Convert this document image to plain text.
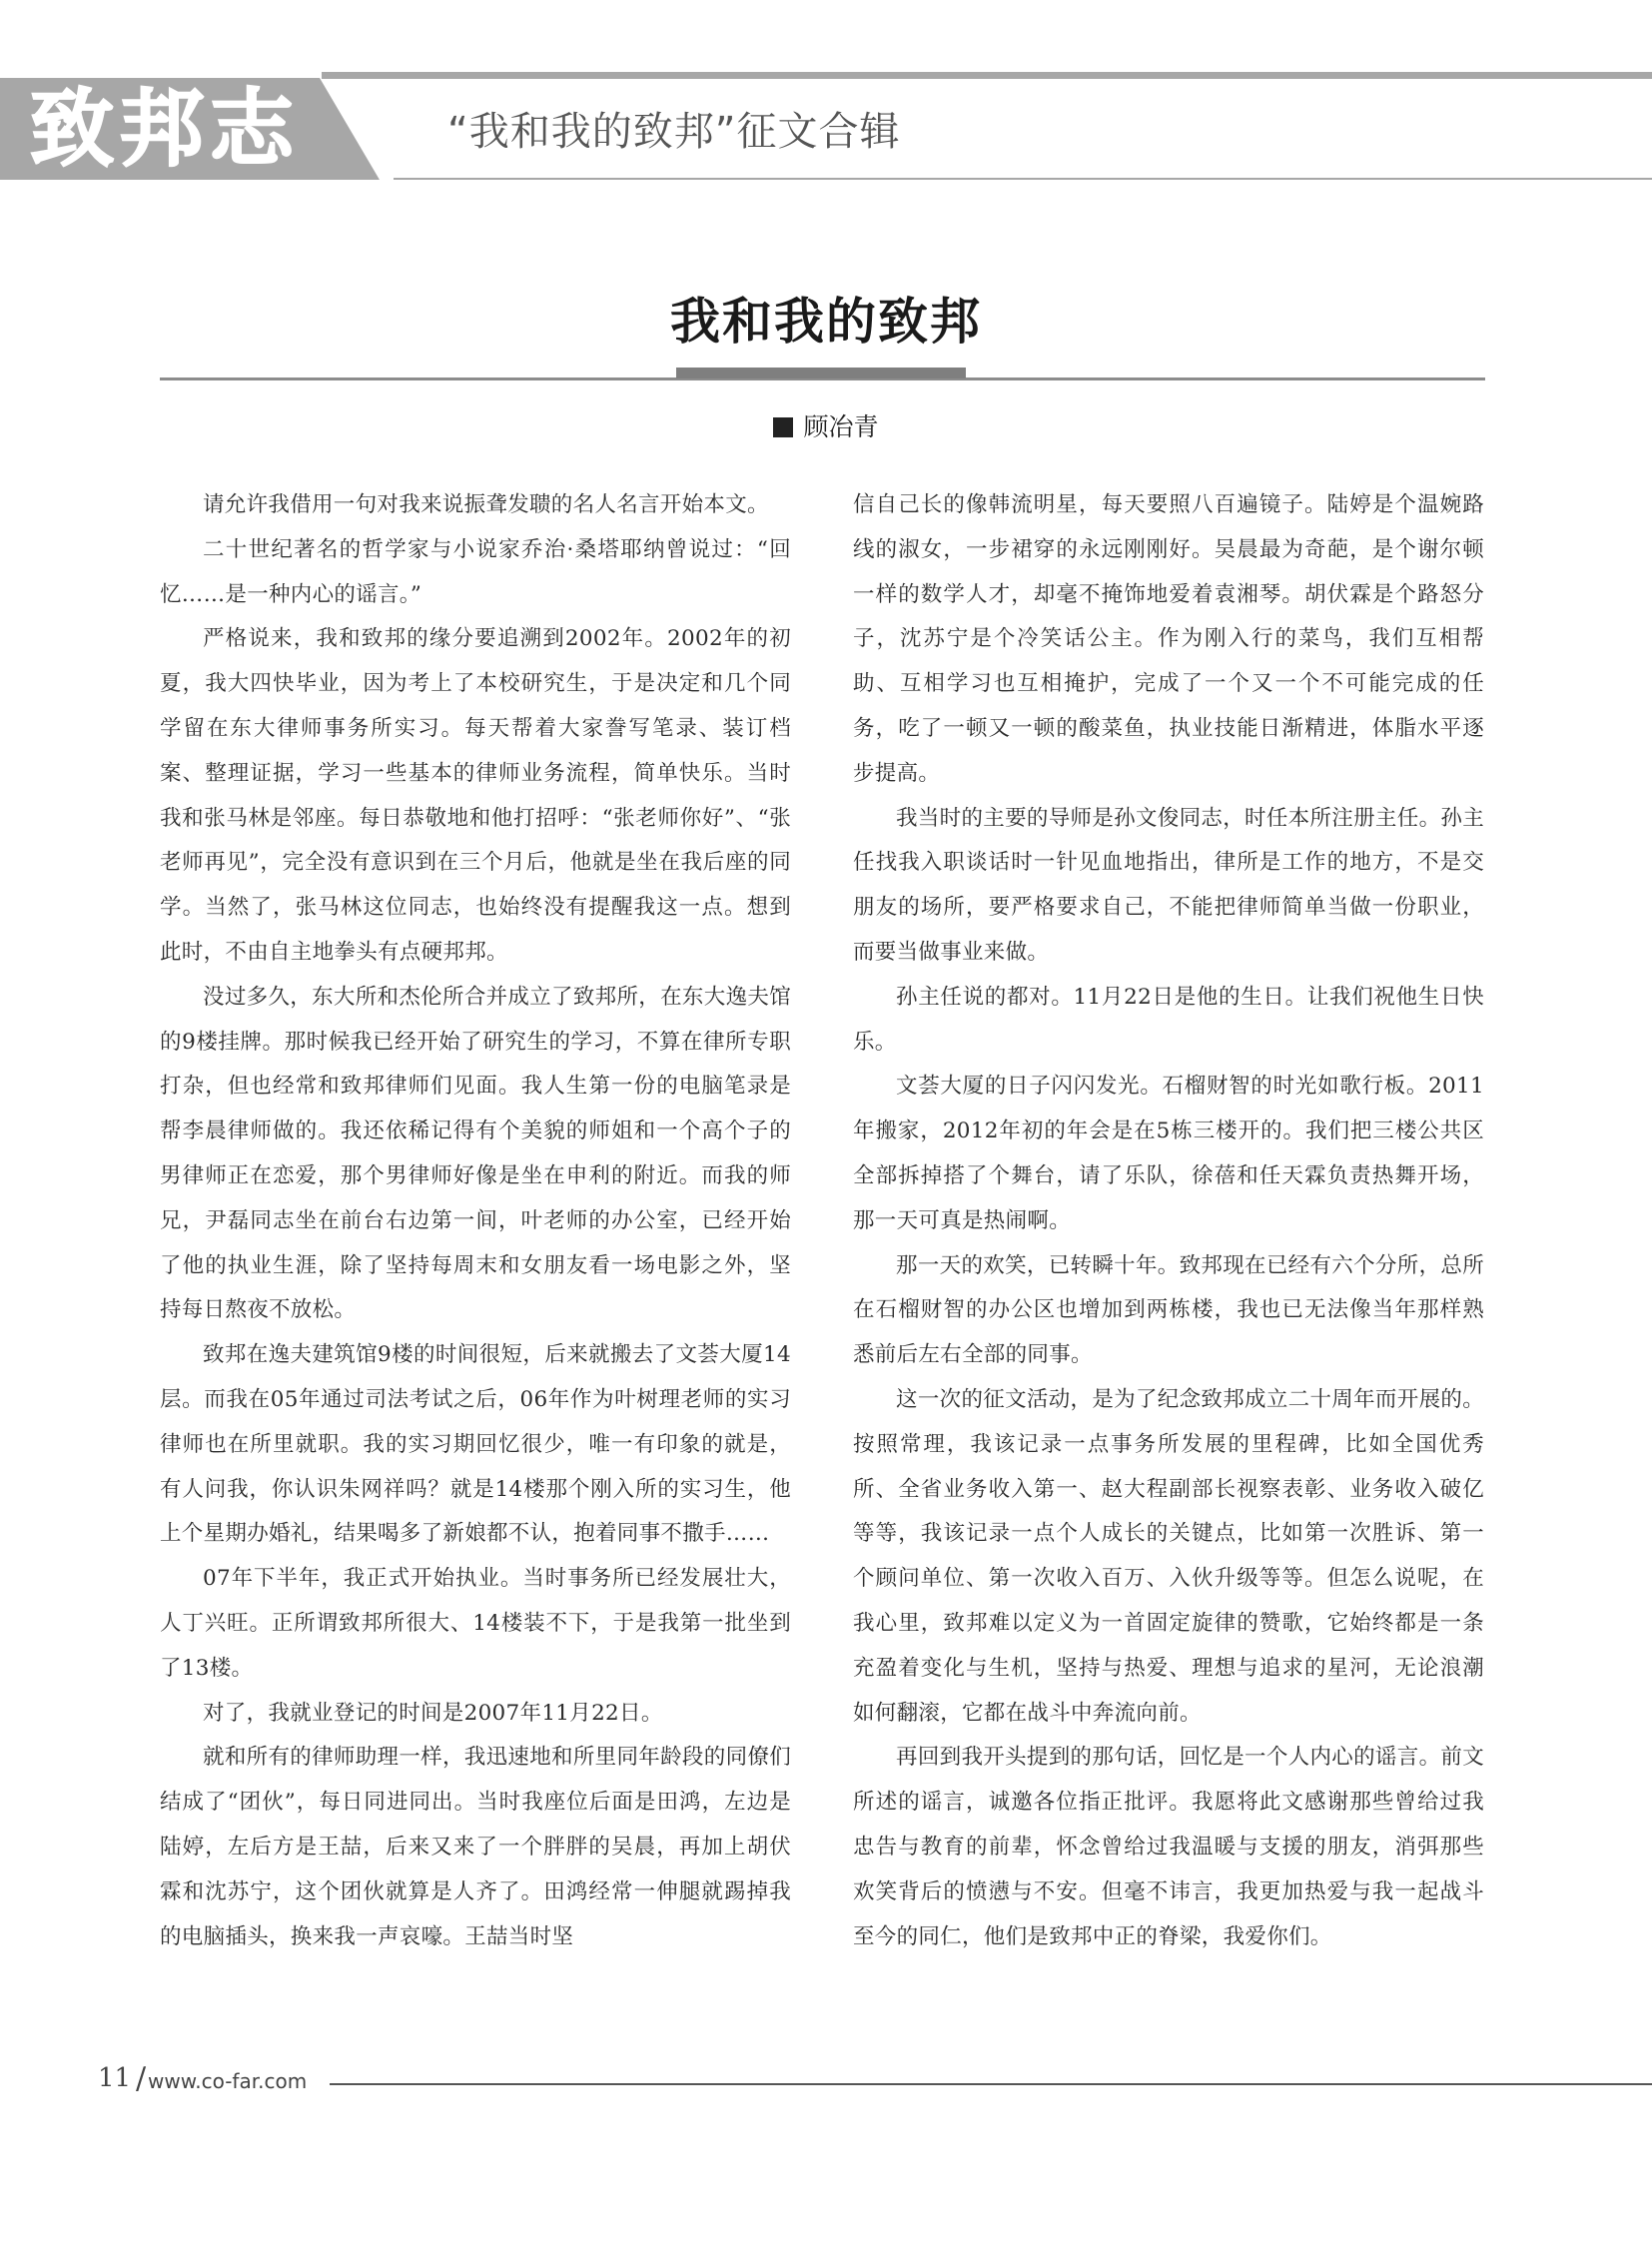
致邦志	“我和我的致邦”征文合辑
我和我的致邦
顾冶青

请允许我借用一句对我来说振聋发聩的名人名言开始本文。

二十世纪著名的哲学家与小说家乔治·桑塔耶纳曾说过：“回忆……是一种内心的谣言。”

严格说来，我和致邦的缘分要追溯到2002年。2002年的初夏，我大四快毕业，因为考上了本校研究生，于是决定和几个同学留在东大律师事务所实习。每天帮着大家誊写笔录、装订档案、整理证据，学习一些基本的律师业务流程，简单快乐。当时我和张马林是邻座。每日恭敬地和他打招呼：“张老师你好”、“张老师再见”，完全没有意识到在三个月后，他就是坐在我后座的同学。当然了，张马林这位同志，也始终没有提醒我这一点。想到此时，不由自主地拳头有点硬邦邦。

没过多久，东大所和杰伦所合并成立了致邦所，在东大逸夫馆的9楼挂牌。那时候我已经开始了研究生的学习，不算在律所专职打杂，但也经常和致邦律师们见面。我人生第一份的电脑笔录是帮李晨律师做的。我还依稀记得有个美貌的师姐和一个高个子的男律师正在恋爱，那个男律师好像是坐在申利的附近。而我的师兄，尹磊同志坐在前台右边第一间，叶老师的办公室，已经开始了他的执业生涯，除了坚持每周末和女朋友看一场电影之外，坚持每日熬夜不放松。

致邦在逸夫建筑馆9楼的时间很短，后来就搬去了文荟大厦14层。而我在05年通过司法考试之后，06年作为叶树理老师的实习律师也在所里就职。我的实习期回忆很少，唯一有印象的就是，有人问我，你认识朱网祥吗？就是14楼那个刚入所的实习生，他上个星期办婚礼，结果喝多了新娘都不认，抱着同事不撒手……

07年下半年，我正式开始执业。当时事务所已经发展壮大，人丁兴旺。正所谓致邦所很大、14楼装不下，于是我第一批坐到了13楼。

对了，我就业登记的时间是2007年11月22日。

就和所有的律师助理一样，我迅速地和所里同年龄段的同僚们结成了“团伙”，每日同进同出。当时我座位后面是田鸿，左边是陆婷，左后方是王喆，后来又来了一个胖胖的吴晨，再加上胡伏霖和沈苏宁，这个团伙就算是人齐了。田鸿经常一伸腿就踢掉我的电脑插头，换来我一声哀嚎。王喆当时坚

信自己长的像韩流明星，每天要照八百遍镜子。陆婷是个温婉路线的淑女，一步裙穿的永远刚刚好。吴晨最为奇葩，是个谢尔顿一样的数学人才，却毫不掩饰地爱着袁湘琴。胡伏霖是个路怒分子，沈苏宁是个冷笑话公主。作为刚入行的菜鸟，我们互相帮助、互相学习也互相掩护，完成了一个又一个不可能完成的任务，吃了一顿又一顿的酸菜鱼，执业技能日渐精进，体脂水平逐步提高。

我当时的主要的导师是孙文俊同志，时任本所注册主任。孙主任找我入职谈话时一针见血地指出，律所是工作的地方，不是交朋友的场所，要严格要求自己，不能把律师简单当做一份职业，而要当做事业来做。

孙主任说的都对。11月22日是他的生日。让我们祝他生日快乐。

文荟大厦的日子闪闪发光。石榴财智的时光如歌行板。2011年搬家，2012年初的年会是在5栋三楼开的。我们把三楼公共区全部拆掉搭了个舞台，请了乐队，徐蓓和任天霖负责热舞开场，那一天可真是热闹啊。

那一天的欢笑，已转瞬十年。致邦现在已经有六个分所，总所在石榴财智的办公区也增加到两栋楼，我也已无法像当年那样熟悉前后左右全部的同事。

这一次的征文活动，是为了纪念致邦成立二十周年而开展的。按照常理，我该记录一点事务所发展的里程碑，比如全国优秀所、全省业务收入第一、赵大程副部长视察表彰、业务收入破亿等等，我该记录一点个人成长的关键点，比如第一次胜诉、第一个顾问单位、第一次收入百万、入伙升级等等。但怎么说呢，在我心里，致邦难以定义为一首固定旋律的赞歌，它始终都是一条充盈着变化与生机，坚持与热爱、理想与追求的星河，无论浪潮如何翻滚，它都在战斗中奔流向前。

再回到我开头提到的那句话，回忆是一个人内心的谣言。前文所述的谣言，诚邀各位指正批评。我愿将此文感谢那些曾给过我忠告与教育的前辈，怀念曾给过我温暖与支援的朋友，消弭那些欢笑背后的愤懑与不安。但毫不讳言，我更加热爱与我一起战斗至今的同仁，他们是致邦中正的脊梁，我爱你们。

11 / www.co-far.com
